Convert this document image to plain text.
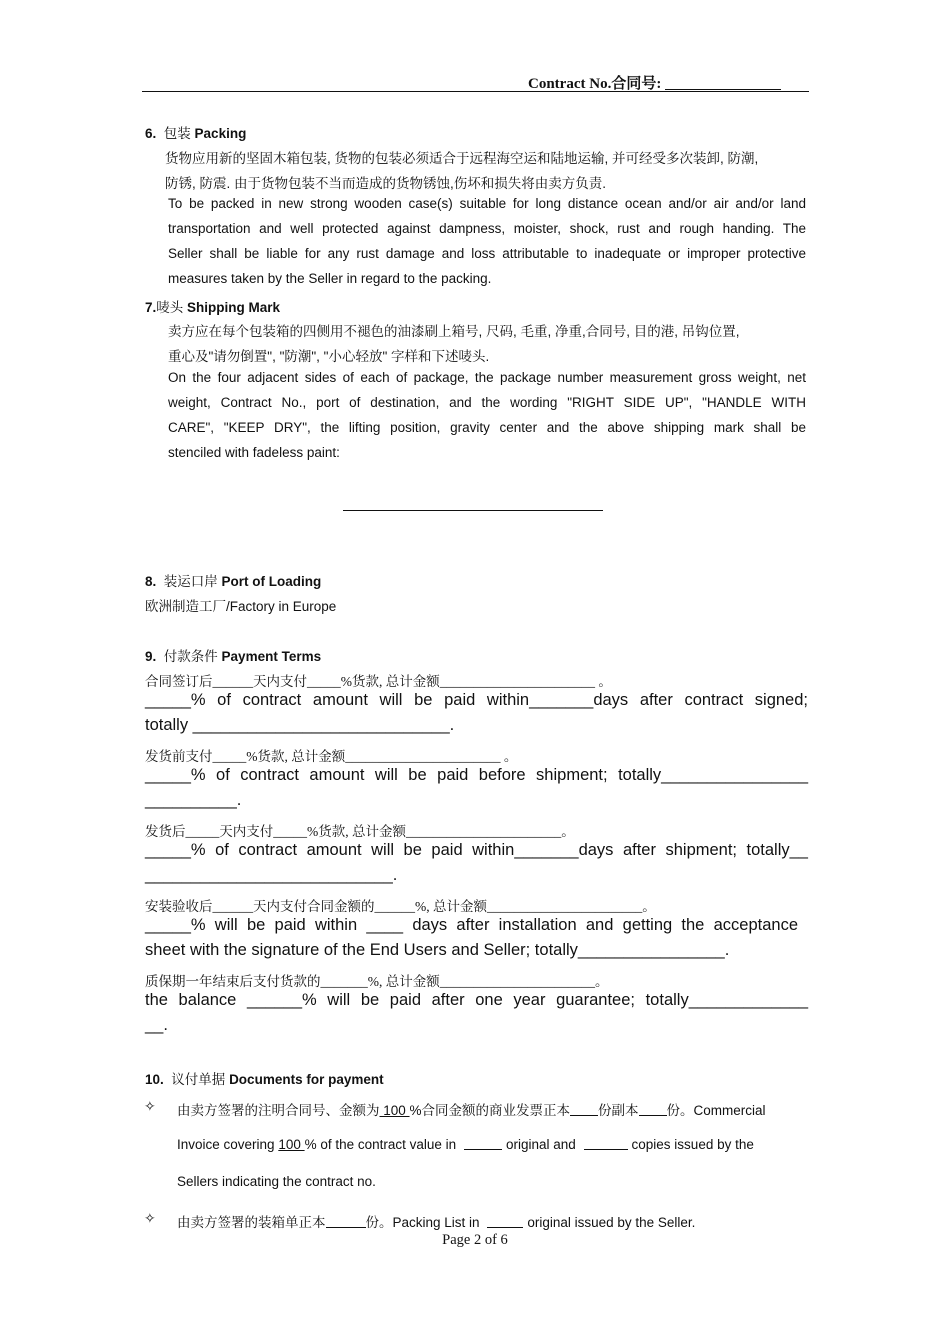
Contract No.合同号:
6. 包装 Packing
货物应用新的坚固木箱包装, 货物的包装必须适合于远程海空运和陆地运输, 并可经受多次装卸, 防潮,
防锈, 防震. 由于货物包装不当而造成的货物锈蚀,伤坏和损失将由卖方负责.
To be packed in new strong wooden case(s) suitable for long distance ocean and/or air and/or land
transportation and well protected against dampness, moister, shock, rust and rough handing. The
Seller shall be liable for any rust damage and loss attributable to inadequate or improper protective
measures taken by the Seller in regard to the packing.
7.唛头 Shipping Mark
卖方应在每个包装箱的四侧用不褪色的油漆刷上箱号, 尺码, 毛重, 净重,合同号, 目的港, 吊钩位置,
重心及"请勿倒置", "防潮", "小心轻放" 字样和下述唛头.
On the four adjacent sides of each of package, the package number measurement gross weight, net
weight, Contract No., port of destination, and the wording "RIGHT SIDE UP", "HANDLE WITH
CARE", "KEEP DRY", the lifting position, gravity center and the above shipping mark shall be
stenciled with fadeless paint:
8. 装运口岸 Port of Loading
欧洲制造工厂/Factory in Europe
9. 付款条件 Payment Terms
合同签订后______天内支付_____%货款, 总计金额_______________________ 。
_____% of contract amount will be paid within_______days after contract signed;
totally ____________________________.
发货前支付_____%货款, 总计金额_______________________ 。
_____% of contract amount will be paid before shipment; totally________________
__________.
发货后_____天内支付_____%货款, 总计金额_______________________。
_____% of contract amount will be paid within_______days after shipment; totally__
___________________________.
安装验收后______天内支付合同金额的______%, 总计金额_______________________。
_____% will be paid within ____ days after installation and getting the acceptance
sheet with the signature of the End Users and Seller; totally________________.
质保期一年结束后支付货款的_______%, 总计金额_______________________。
the balance ______% will be paid after one year guarantee; totally_____________
__.
10. 议付单据 Documents for payment
✧ 由卖方签署的注明合同号、金额为 100 %合同金额的商业发票正本 份副本 份。Commercial
Invoice covering 100 % of the contract value in	original and	copies issued by the
Sellers indicating the contract no.
✧ 由卖方签署的装箱单正本	份。Packing List in	original issued by the Seller.
Page 2 of 6
